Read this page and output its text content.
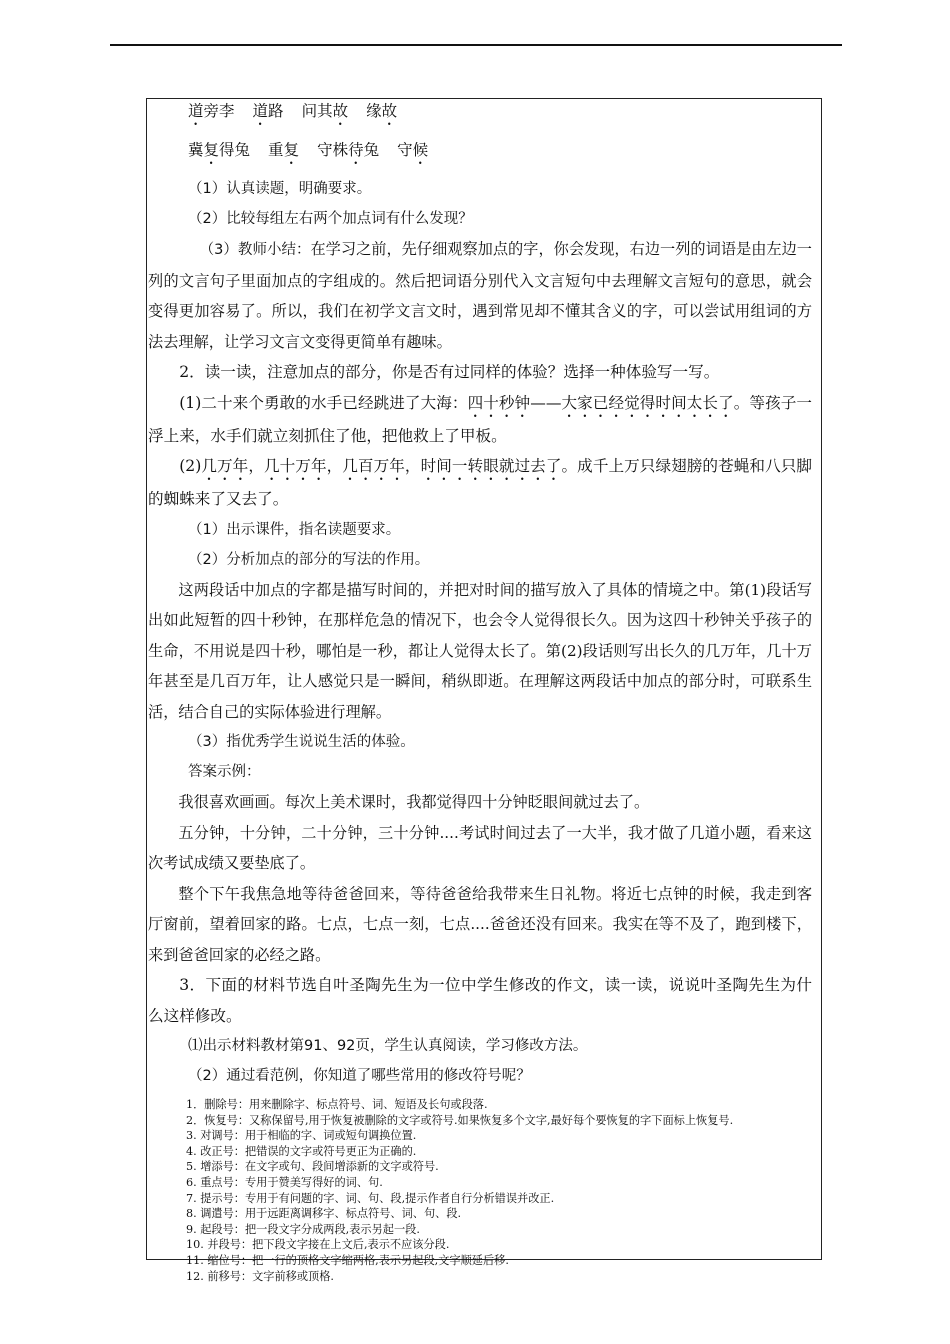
道旁李 道路 问其故 缘故

冀复得兔 重复 守株待兔 守候

（1）认真读题，明确要求。

（2）比较每组左右两个加点词有什么发现？

（3）教师小结：在学习之前，先仔细观察加点的字，你会发现，右边一列的词语是由左边一列的文言句子里面加点的字组成的。然后把词语分别代入文言短句中去理解文言短句的意思，就会变得更加容易了。所以，我们在初学文言文时，遇到常见却不懂其含义的字，可以尝试用组词的方法去理解，让学习文言文变得更简单有趣味。

2．读一读，注意加点的部分，你是否有过同样的体验？选择一种体验写一写。

(1)二十来个勇敢的水手已经跳进了大海：四十秒钟——大家已经觉得时间太长了。等孩子一浮上来，水手们就立刻抓住了他，把他救上了甲板。

(2)几万年，几十万年，几百万年，时间一转眼就过去了。成千上万只绿翅膀的苍蝇和八只脚的蜘蛛来了又去了。

（1）出示课件，指名读题要求。

（2）分析加点的部分的写法的作用。

这两段话中加点的字都是描写时间的，并把对时间的描写放入了具体的情境之中。第(1)段话写出如此短暂的四十秒钟，在那样危急的情况下，也会令人觉得很长久。因为这四十秒钟关乎孩子的生命，不用说是四十秒，哪怕是一秒，都让人觉得太长了。第(2)段话则写出长久的几万年，几十万年甚至是几百万年，让人感觉只是一瞬间，稍纵即逝。在理解这两段话中加点的部分时，可联系生活，结合自己的实际体验进行理解。

（3）指优秀学生说说生活的体验。

答案示例：

我很喜欢画画。每次上美术课时，我都觉得四十分钟眨眼间就过去了。

五分钟，十分钟，二十分钟，三十分钟....考试时间过去了一大半，我才做了几道小题，看来这次考试成绩又要垫底了。

整个下午我焦急地等待爸爸回来，等待爸爸给我带来生日礼物。将近七点钟的时候，我走到客厅窗前，望着回家的路。七点，七点一刻，七点....爸爸还没有回来。我实在等不及了，跑到楼下，来到爸爸回家的必经之路。

3．下面的材料节选自叶圣陶先生为一位中学生修改的作文，读一读，说说叶圣陶先生为什么这样修改。

⑴出示材料教材第91、92页，学生认真阅读，学习修改方法。

（2）通过看范例，你知道了哪些常用的修改符号呢？

1．删除号：用来删除字、标点符号、词、短语及长句或段落.
2．恢复号：又称保留号,用于恢复被删除的文字或符号.如果恢复多个文字,最好每个要恢复的字下面标上恢复号.
3. 对调号：用于相临的字、词或短句调换位置.
4. 改正号：把错误的文字或符号更正为正确的.
5. 增添号：在文字或句、段间增添新的文字或符号.
6. 重点号：专用于赞美写得好的词、句.
7. 提示号：专用于有问题的字、词、句、段,提示作者自行分析错误并改正.
8. 调遣号：用于远距离调移字、标点符号、词、句、段.
9. 起段号：把一段文字分成两段,表示另起一段.
10. 并段号：把下段文字接在上文后,表示不应该分段.
11. 缩位号：把一行的顶格文字缩两格,表示另起段,文字顺延后移.
12. 前移号：文字前移或顶格.
